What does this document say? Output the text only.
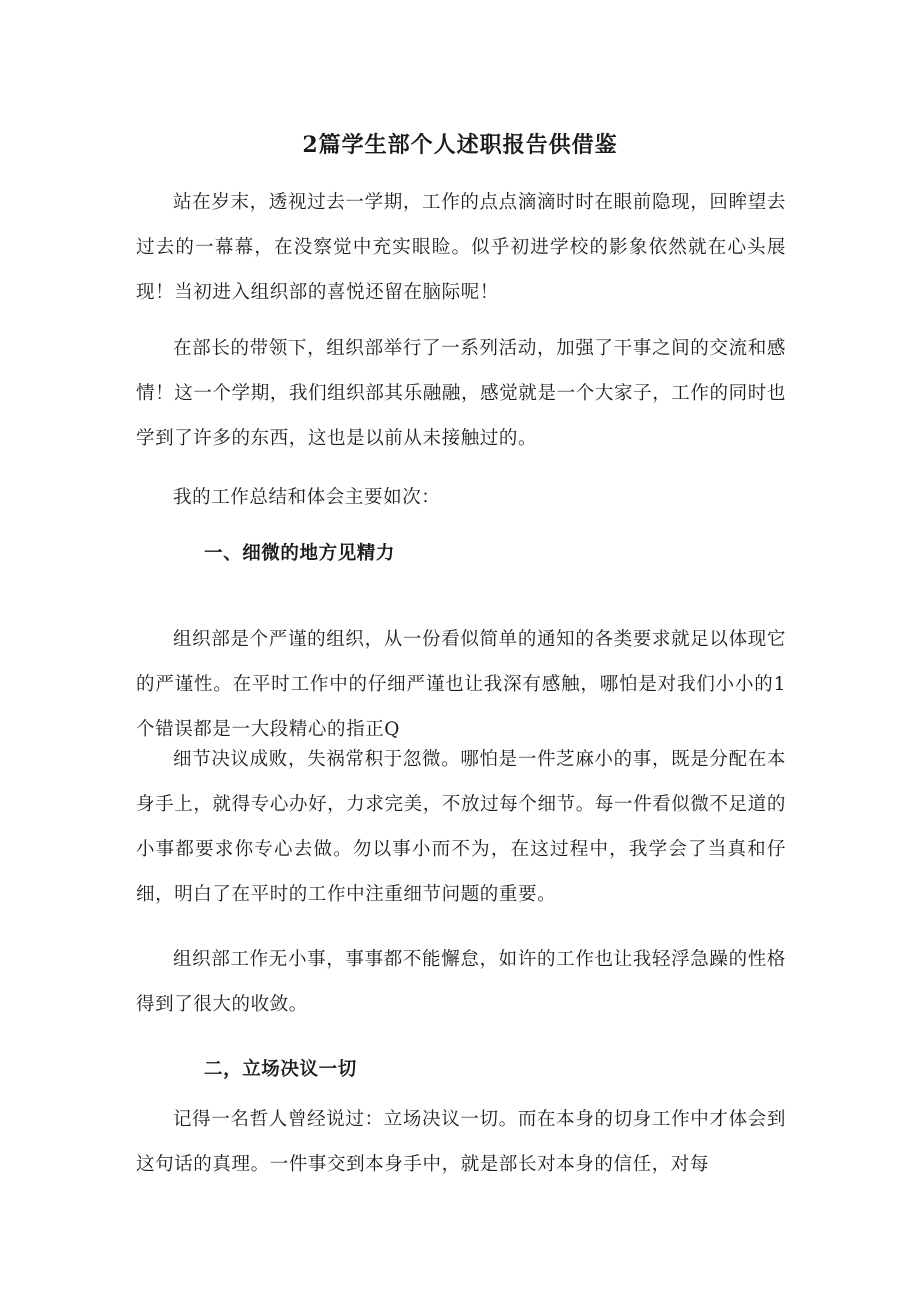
2篇学生部个人述职报告供借鉴

站在岁末，透视过去一学期，工作的点点滴滴时时在眼前隐现，回眸望去过去的一幕幕，在没察觉中充实眼睑。似乎初进学校的影象依然就在心头展现！当初进入组织部的喜悦还留在脑际呢！

在部长的带领下，组织部举行了一系列活动，加强了干事之间的交流和感情！这一个学期，我们组织部其乐融融，感觉就是一个大家子，工作的同时也学到了许多的东西，这也是以前从未接触过的。

我的工作总结和体会主要如次：

一、细微的地方见精力

组织部是个严谨的组织，从一份看似简单的通知的各类要求就足以体现它的严谨性。在平时工作中的仔细严谨也让我深有感触，哪怕是对我们小小的1个错误都是一大段精心的指正Q

细节决议成败，失祸常积于忽微。哪怕是一件芝麻小的事，既是分配在本身手上，就得专心办好，力求完美，不放过每个细节。每一件看似微不足道的小事都要求你专心去做。勿以事小而不为，在这过程中，我学会了当真和仔细，明白了在平时的工作中注重细节问题的重要。

组织部工作无小事，事事都不能懈怠，如许的工作也让我轻浮急躁的性格得到了很大的收敛。

二，立场决议一切

记得一名哲人曾经说过：立场决议一切。而在本身的切身工作中才体会到这句话的真理。一件事交到本身手中，就是部长对本身的信任，对每
